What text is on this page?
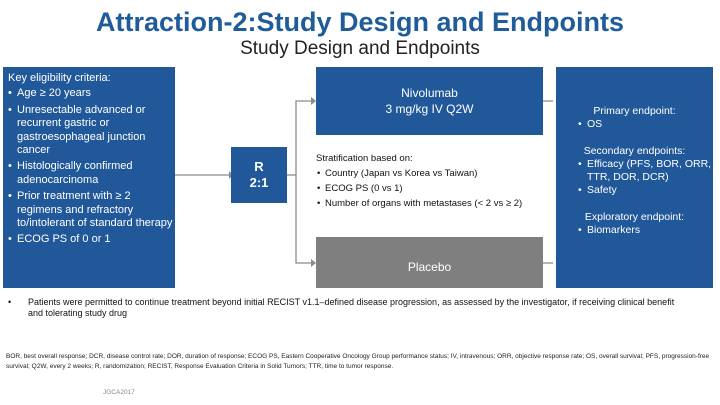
Attraction-2:Study Design and Endpoints
Study Design and Endpoints
Key eligibility criteria:
• Age ≥ 20 years
• Unresectable advanced or recurrent gastric or gastroesophageal junction cancer
• Histologically confirmed adenocarcinoma
• Prior treatment with ≥ 2 regimens and refractory to/intolerant of standard therapy
• ECOG PS of 0 or 1
R
2:1
Nivolumab
3 mg/kg IV Q2W
Stratification based on:
• Country (Japan vs Korea vs Taiwan)
• ECOG PS (0 vs 1)
• Number of organs with metastases (< 2 vs ≥ 2)
Placebo
Primary endpoint:
• OS
Secondary endpoints:
• Efficacy (PFS, BOR, ORR, TTR, DOR, DCR)
• Safety
Exploratory endpoint:
• Biomarkers
• Patients were permitted to continue treatment beyond initial RECIST v1.1–defined disease progression, as assessed by the investigator, if receiving clinical benefit and tolerating study drug
BOR, best overall response; DCR, disease control rate; DOR, duration of response; ECOG PS, Eastern Cooperative Oncology Group performance status; IV, intravenous; ORR, objective response rate; OS, overall survival; PFS, progression-free survival; Q2W, every 2 weeks; R, randomization; RECIST, Response Evaluation Criteria in Solid Tumors; TTR, time to tumor response.
JGCA2017
